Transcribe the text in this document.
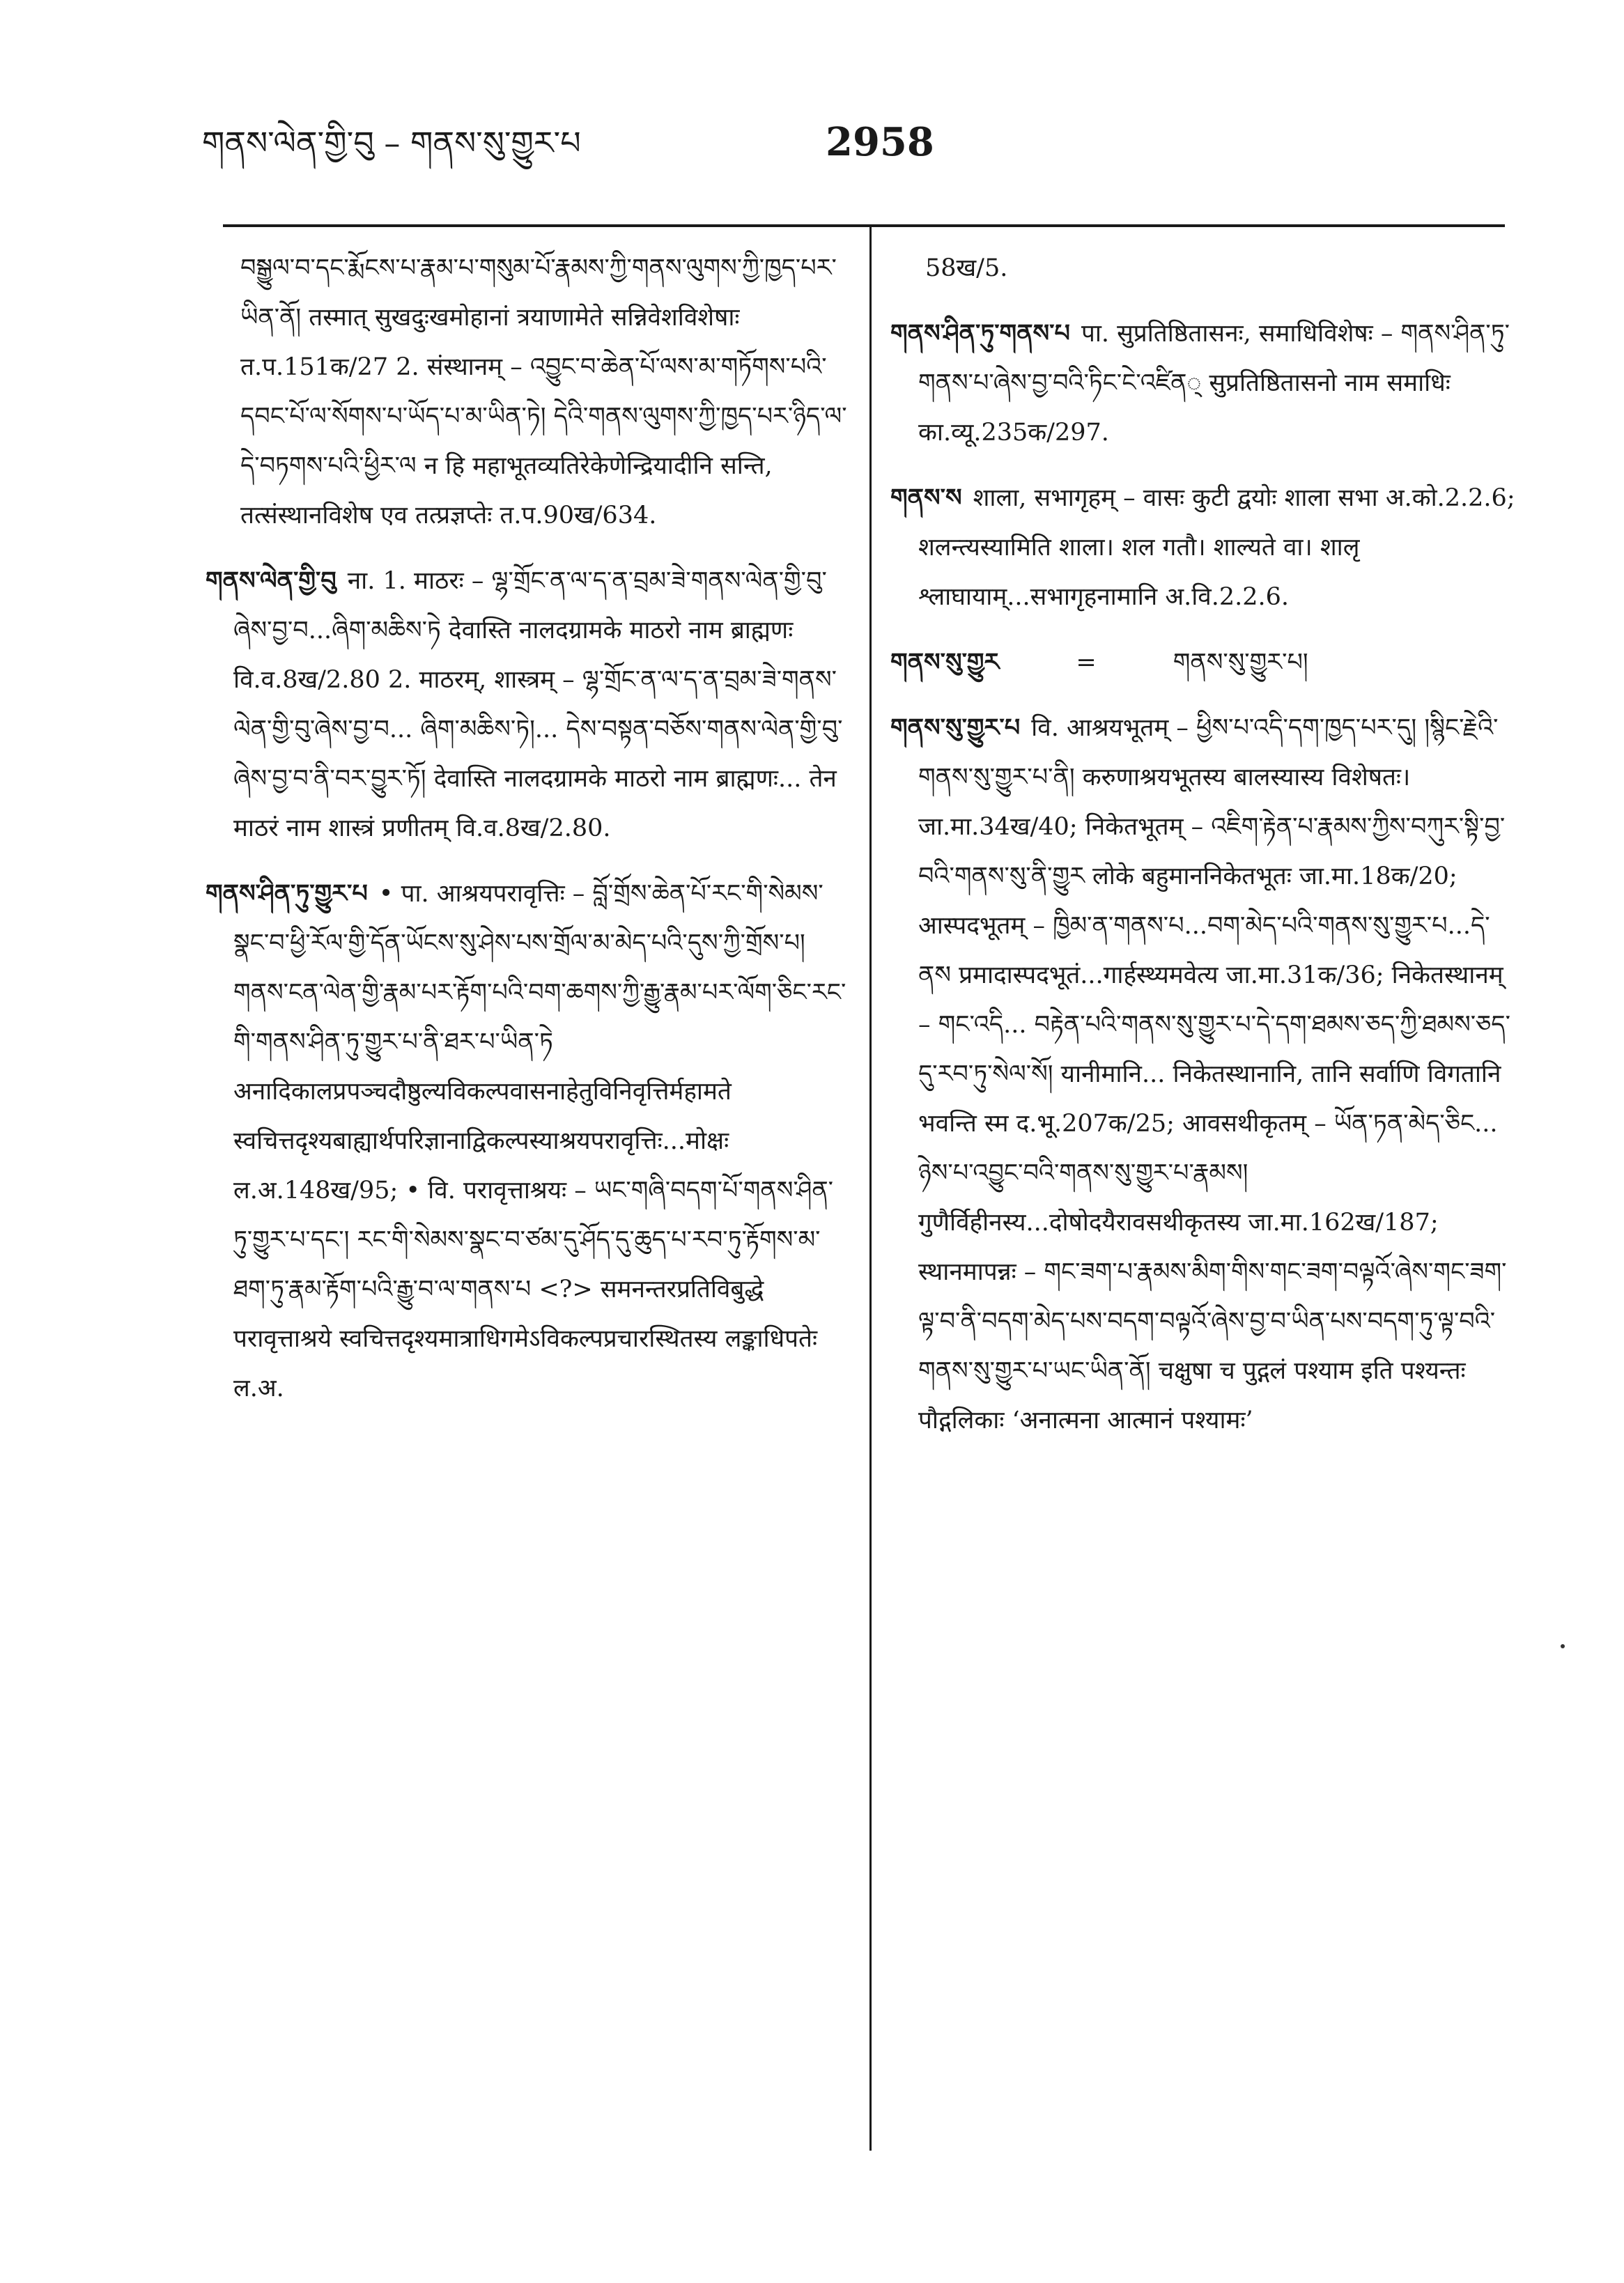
གནས་ལེན་གྱི་བུ – གནས་སུ་གྱུར་པ	2958

བསྒྱུལ་བ་དང་རྨོངས་པ་རྣམ་པ་གསུམ་པོ་རྣམས་ཀྱི་གནས་ལུགས་ཀྱི་ཁྱད་པར་ཡིན་ནོ། तस्मात् सुखदुःखमोहानां त्रयाणामेते सन्निवेशविशेषाः त.प.151क/27 2. संस्थानम् – འབྱུང་བ་ཆེན་པོ་ལས་མ་གཏོགས་པའི་དབང་པོ་ལ་སོགས་པ་ཡོད་པ་མ་ཡིན་ཏེ། དེའི་གནས་ལུགས་ཀྱི་ཁྱད་པར་ཉིད་ལ་དེ་བཏགས་པའི་ཕྱིར་ལ न हि महाभूतव्यतिरेकेणेन्द्रियादीनि सन्ति, तत्संस्थानविशेष एव तत्प्रज्ञप्तेः त.प.90ख/634.

གནས་ལེན་གྱི་བུ ना. 1. माठरः – ལྷ་གྲོང་ན་ལ་ད་ན་བྲམ་ཟེ་གནས་ལེན་གྱི་བུ་ཞེས་བྱ་བ...ཞིག་མཆིས་ཏེ देवास्ति नालदग्रामके माठरो नाम ब्राह्मणः वि.व.8ख/2.80 2. माठरम्, शास्त्रम् – ལྷ་གྲོང་ན་ལ་ད་ན་བྲམ་ཟེ་གནས་ལེན་གྱི་བུ་ཞེས་བྱ་བ... ཞིག་མཆིས་ཏེ།... དེས་བསྟན་བཅོས་གནས་ལེན་གྱི་བུ་ཞེས་བྱ་བ་ནི་བར་བྱུར་ཏོ། देवास्ति नालदग्रामके माठरो नाम ब्राह्मणः... तेन माठरं नाम शास्त्रं प्रणीतम् वि.व.8ख/2.80.

གནས་ཤིན་ཏུ་གྱུར་པ • पा. आश्रयपरावृत्तिः – བློ་གྲོས་ཆེན་པོ་རང་གི་སེམས་སྣང་བ་ཕྱི་རོལ་གྱི་དོན་ཡོངས་སུ་ཤེས་པས་གྲོལ་མ་མེད་པའི་དུས་ཀྱི་གྲོས་པ། གནས་ངན་ལེན་གྱི་རྣམ་པར་རྟོག་པའི་བག་ཆགས་ཀྱི་རྒྱུ་རྣམ་པར་ལོག་ཅིང་རང་གི་གནས་ཤིན་ཏུ་གྱུར་པ་ནི་ཐར་པ་ཡིན་ཏེ अनादिकालप्रपञ्चदौष्ठुल्यविकल्पवासनाहेतुविनिवृत्तिर्महामते स्वचित्तदृश्यबाह्यार्थपरिज्ञानाद्विकल्पस्याश्रयपरावृत्तिः...मोक्षः ल.अ.148ख/95; • वि. परावृत्ताश्रयः – ཡང་གཞི་བདག་པོ་གནས་ཤིན་ཏུ་གྱུར་པ་དང་། རང་གི་སེམས་སྣང་བ་ཙམ་དུ་ཤོད་དུ་ཆུད་པ་རབ་ཏུ་རྟོགས་མ་ཐག་ཏུ་རྣམ་རྟོག་པའི་རྒྱུ་བ་ལ་གནས་པ <?> समनन्तरप्रतिविबुद्धे परावृत्ताश्रये स्वचित्तदृश्यमात्राधिगमेऽविकल्पप्रचारस्थितस्य लङ्काधिपतेः ल.अ.

58ख/5.

གནས་ཤིན་ཏུ་གནས་པ पा. सुप्रतिष्ठितासनः, समाधिविशेषः – གནས་ཤིན་ཏུ་གནས་པ་ཞེས་བྱ་བའི་ཏིང་ངེ་འཛིན् सुप्रतिष्ठितासनो नाम समाधिः का.व्यू.235क/297.

གནས་ས शाला, सभागृहम् – वासः कुटी द्वयोः शाला सभा अ.को.2.2.6; शलन्त्यस्यामिति शाला। शल गतौ। शाल्यते वा। शालृ श्लाघायाम्...सभागृहनामानि अ.वि.2.2.6.

གནས་སུ་གྱུར	=	གནས་སུ་གྱུར་པ།

གནས་སུ་གྱུར་པ वि. आश्रयभूतम् – ཕྱིས་པ་འདི་དག་ཁྱད་པར་དུ། །སྙིང་རྗེའི་གནས་སུ་གྱུར་པ་ནི། करुणाश्रयभूतस्य बालस्यास्य विशेषतः। जा.मा.34ख/40; निकेतभूतम् – འཇིག་རྟེན་པ་རྣམས་ཀྱིས་བཀུར་སྟི་བྱ་བའི་གནས་སུ་ནི་གྱུར लोके बहुमाननिकेतभूतः जा.मा.18क/20; आस्पदभूतम् – ཁྱིམ་ན་གནས་པ...བག་མེད་པའི་གནས་སུ་གྱུར་པ...དེ་ནས प्रमादास्पदभूतं...गार्हस्थ्यमवेत्य जा.मा.31क/36; निकेतस्थानम् – གང་འདི... བརྟེན་པའི་གནས་སུ་གྱུར་པ་དེ་དག་ཐམས་ཅད་ཀྱི་ཐམས་ཅད་དུ་རབ་ཏུ་སེལ་སོ། यानीमानि... निकेतस्थानानि, तानि सर्वाणि विगतानि भवन्ति स्म द.भू.207क/25; आवसथीकृतम् – ཡོན་ཏན་མེད་ཅིང... ཉེས་པ་འབྱུང་བའི་གནས་སུ་གྱུར་པ་རྣམས། गुणैर्विहीनस्य...दोषोदयैरावसथीकृतस्य जा.मा.162ख/187; स्थानमापन्नः – གང་ཟག་པ་རྣམས་མིག་གིས་གང་ཟག་བལྟའོ་ཞེས་གང་ཟག་ལྟ་བ་ནི་བདག་མེད་པས་བདག་བལྟའོ་ཞེས་བྱ་བ་ཡིན་པས་བདག་ཏུ་ལྟ་བའི་གནས་སུ་གྱུར་པ་ཡང་ཡིན་ནོ། चक्षुषा च पुद्गलं पश्याम इति पश्यन्तः पौद्गलिकाः ‘अनात्मना आत्मानं पश्यामः’
